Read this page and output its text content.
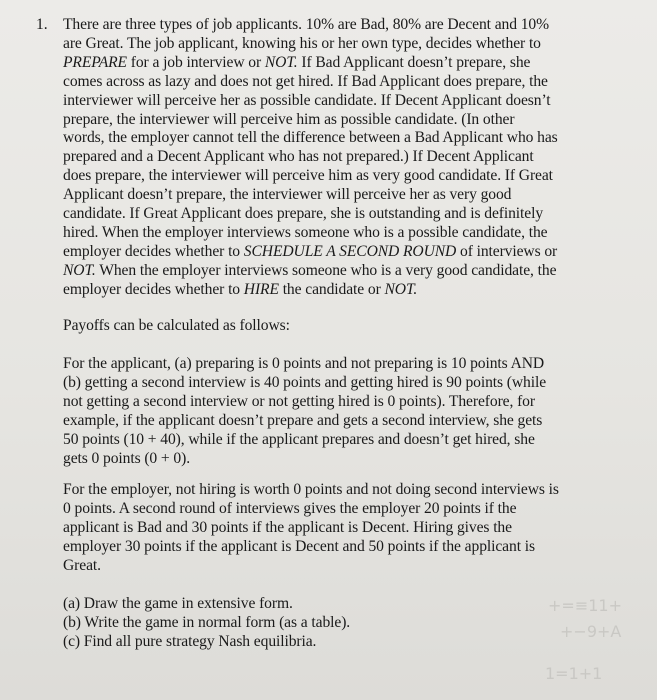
1. There are three types of job applicants. 10% are Bad, 80% are Decent and 10%
are Great. The job applicant, knowing his or her own type, decides whether to
PREPARE for a job interview or NOT. If Bad Applicant doesn’t prepare, she
comes across as lazy and does not get hired. If Bad Applicant does prepare, the
interviewer will perceive her as possible candidate. If Decent Applicant doesn’t
prepare, the interviewer will perceive him as possible candidate. (In other
words, the employer cannot tell the difference between a Bad Applicant who has
prepared and a Decent Applicant who has not prepared.) If Decent Applicant
does prepare, the interviewer will perceive him as very good candidate. If Great
Applicant doesn’t prepare, the interviewer will perceive her as very good
candidate. If Great Applicant does prepare, she is outstanding and is definitely
hired. When the employer interviews someone who is a possible candidate, the
employer decides whether to SCHEDULE A SECOND ROUND of interviews or
NOT. When the employer interviews someone who is a very good candidate, the
employer decides whether to HIRE the candidate or NOT.
Payoffs can be calculated as follows:
For the applicant, (a) preparing is 0 points and not preparing is 10 points AND
(b) getting a second interview is 40 points and getting hired is 90 points (while
not getting a second interview or not getting hired is 0 points). Therefore, for
example, if the applicant doesn’t prepare and gets a second interview, she gets
50 points (10 + 40), while if the applicant prepares and doesn’t get hired, she
gets 0 points (0 + 0).
For the employer, not hiring is worth 0 points and not doing second interviews is
0 points. A second round of interviews gives the employer 20 points if the
applicant is Bad and 30 points if the applicant is Decent. Hiring gives the
employer 30 points if the applicant is Decent and 50 points if the applicant is
Great.
(a) Draw the game in extensive form.
(b) Write the game in normal form (as a table).
(c) Find all pure strategy Nash equilibria.
+=≡11+
+−9+A
1=1+1
